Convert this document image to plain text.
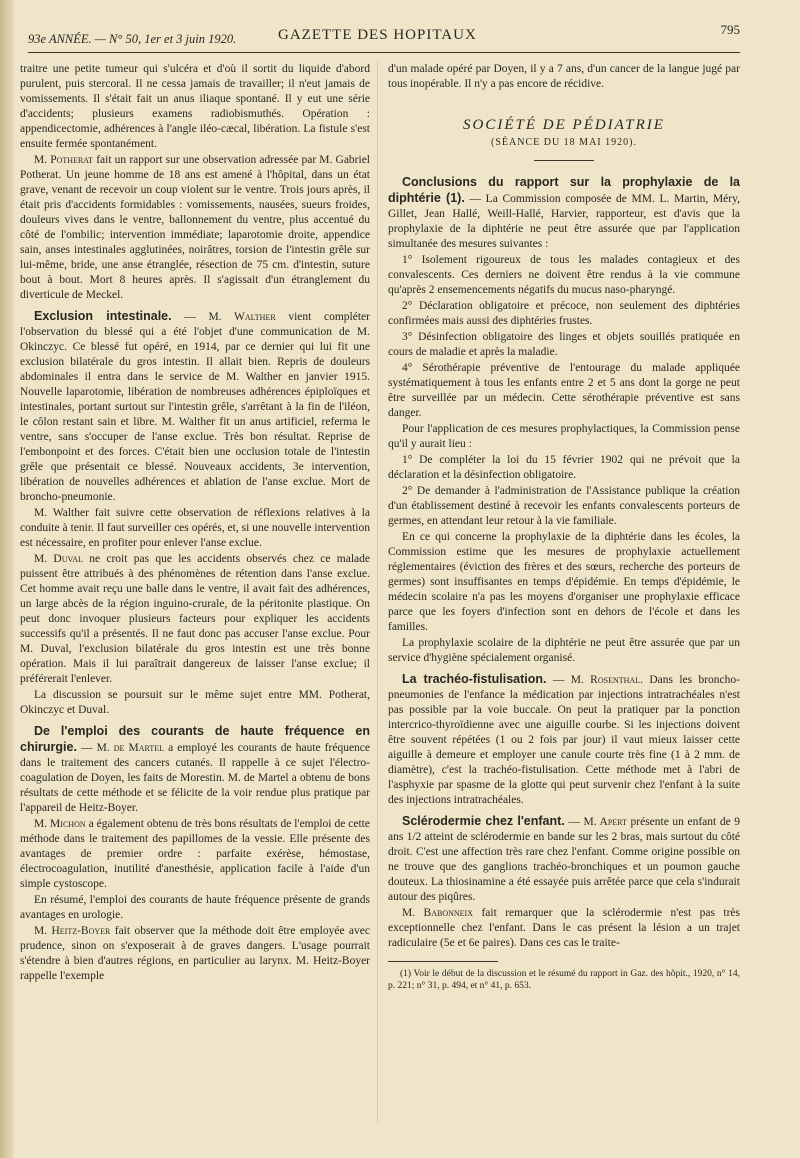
93e ANNÉE. — N° 50, 1er et 3 juin 1920.	GAZETTE DES HOPITAUX	795

traitre une petite tumeur qui s'ulcéra et d'où il sortit du liquide d'abord purulent, puis stercoral. Il ne cessa jamais de travailler; il n'eut jamais de vomissements. Il s'était fait un anus iliaque spontané. Il y eut une série d'accidents; plusieurs examens radiobismuthés. Opération : appendicectomie, adhérences à l'angle iléo-cæcal, libération. La fistule s'est ensuite fermée spontanément.

M. Potherat fait un rapport sur une observation adressée par M. Gabriel Potherat. Un jeune homme de 18 ans est amené à l'hôpital, dans un état grave, venant de recevoir un coup violent sur le ventre. Trois jours après, il était pris d'accidents formidables : vomissements, nausées, sueurs froides, douleurs vives dans le ventre, ballonnement du ventre, plus accentué du côté de l'ombilic; intervention immédiate; laparotomie droite, appendice sain, anses intestinales agglutinées, noirâtres, torsion de l'intestin grêle sur lui-même, bride, une anse étranglée, résection de 75 cm. d'intestin, suture bout à bout. Mort 8 heures après. Il s'agissait d'un étranglement du diverticule de Meckel.

Exclusion intestinale. — M. Walther vient compléter l'observation du blessé qui a été l'objet d'une communication de M. Okinczyc. Ce blessé fut opéré, en 1914, par ce dernier qui lui fit une exclusion bilatérale du gros intestin. Il allait bien. Repris de douleurs abdominales il entra dans le service de M. Walther en janvier 1915. Nouvelle laparotomie, libération de nombreuses adhérences épiploïques et intestinales, portant surtout sur l'intestin grêle, s'arrêtant à la fin de l'iléon, le côlon restant sain et libre. M. Walther fit un anus artificiel, referma le ventre, sans s'occuper de l'anse exclue. Très bon résultat. Reprise de l'embonpoint et des forces. C'était bien une occlusion totale de l'intestin grêle que présentait ce blessé. Nouveaux accidents, 3e intervention, libération de nouvelles adhérences et ablation de l'anse exclue. Mort de broncho-pneumonie.

M. Walther fait suivre cette observation de réflexions relatives à la conduite à tenir. Il faut surveiller ces opérés, et, si une nouvelle intervention est nécessaire, en profiter pour enlever l'anse exclue.

M. Duval ne croit pas que les accidents observés chez ce malade puissent être attribués à des phénomènes de rétention dans l'anse exclue. Cet homme avait reçu une balle dans le ventre, il avait fait des adhérences, un large abcès de la région inguino-crurale, de la péritonite plastique. On peut donc invoquer plusieurs facteurs pour expliquer les accidents successifs qu'il a présentés. Il ne faut donc pas accuser l'anse exclue. Pour M. Duval, l'exclusion bilatérale du gros intestin est une très bonne opération. Mais il lui paraîtrait dangereux de laisser l'anse exclue; il préférerait l'enlever.

La discussion se poursuit sur le même sujet entre MM. Potherat, Okinczyc et Duval.

De l'emploi des courants de haute fréquence en chirurgie. — M. de Martel a employé les courants de haute fréquence dans le traitement des cancers cutanés. Il rappelle à ce sujet l'électro-coagulation de Doyen, les faits de Morestin. M. de Martel a obtenu de bons résultats de cette méthode et se félicite de la voir rendue plus pratique par l'appareil de Heitz-Boyer.

M. Michon a également obtenu de très bons résultats de l'emploi de cette méthode dans le traitement des papillomes de la vessie. Elle présente des avantages de premier ordre : parfaite exérèse, hémostase, électrocoagulation, inutilité d'anesthésie, application facile à l'aide d'un simple cystoscope.

En résumé, l'emploi des courants de haute fréquence présente de grands avantages en urologie.

M. Heitz-Boyer fait observer que la méthode doit être employée avec prudence, sinon on s'exposerait à de graves dangers. L'usage pourrait s'étendre à bien d'autres régions, en particulier au larynx. M. Heitz-Boyer rappelle l'exemple

d'un malade opéré par Doyen, il y a 7 ans, d'un cancer de la langue jugé par tous inopérable. Il n'y a pas encore de récidive.

SOCIÉTÉ DE PÉDIATRIE
(SÉANCE DU 18 MAI 1920).

Conclusions du rapport sur la prophylaxie de la diphtérie (1). — La Commission composée de MM. L. Martin, Méry, Gillet, Jean Hallé, Weill-Hallé, Harvier, rapporteur, est d'avis que la prophylaxie de la diphtérie ne peut être assurée que par l'application simultanée des mesures suivantes :

1° Isolement rigoureux de tous les malades contagieux et des convalescents. Ces derniers ne doivent être rendus à la vie commune qu'après 2 ensemencements négatifs du mucus naso-pharyngé.

2° Déclaration obligatoire et précoce, non seulement des diphtéries confirmées mais aussi des diphtéries frustes.

3° Désinfection obligatoire des linges et objets souillés pratiquée en cours de maladie et après la maladie.

4° Sérothérapie préventive de l'entourage du malade appliquée systématiquement à tous les enfants entre 2 et 5 ans dont la gorge ne peut être surveillée par un médecin. Cette sérothérapie préventive est sans danger.

Pour l'application de ces mesures prophylactiques, la Commission pense qu'il y aurait lieu :

1° De compléter la loi du 15 février 1902 qui ne prévoit que la déclaration et la désinfection obligatoire.

2° De demander à l'administration de l'Assistance publique la création d'un établissement destiné à recevoir les enfants convalescents porteurs de germes, en attendant leur retour à la vie familiale.

En ce qui concerne la prophylaxie de la diphtérie dans les écoles, la Commission estime que les mesures de prophylaxie actuellement réglementaires (éviction des frères et des sœurs, recherche des porteurs de germes) sont insuffisantes en temps d'épidémie. En temps d'épidémie, le médecin scolaire n'a pas les moyens d'organiser une prophylaxie efficace parce que les foyers d'infection sont en dehors de l'école et dans les familles.

La prophylaxie scolaire de la diphtérie ne peut être assurée que par un service d'hygiène spécialement organisé.

La trachéo-fistulisation. — M. Rosenthal. Dans les broncho-pneumonies de l'enfance la médication par injections intratrachéales n'est pas possible par la voie buccale. On peut la pratiquer par la ponction intercrico-thyroïdienne avec une aiguille courbe. Si les injections doivent être souvent répétées (1 ou 2 fois par jour) il vaut mieux laisser cette aiguille à demeure et employer une canule courte très fine (1 à 2 mm. de diamètre), c'est la trachéo-fistulisation. Cette méthode met à l'abri de l'asphyxie par spasme de la glotte qui peut survenir chez l'enfant à la suite des injections intratrachéales.

Sclérodermie chez l'enfant. — M. Apert présente un enfant de 9 ans 1/2 atteint de sclérodermie en bande sur les 2 bras, mais surtout du côté droit. C'est une affection très rare chez l'enfant. Comme origine possible on ne trouve que des ganglions trachéo-bronchiques et un poumon gauche douteux. La thiosinamine a été essayée puis arrêtée parce que cela s'indurait autour des piqûres.

M. Babonneix fait remarquer que la sclérodermie n'est pas très exceptionnelle chez l'enfant. Dans le cas présent la lésion a un trajet radiculaire (5e et 6e paires). Dans ces cas le traite-

(1) Voir le début de la discussion et le résumé du rapport in Gaz. des hôpit., 1920, n° 14, p. 221; n° 31, p. 494, et n° 41, p. 653.
